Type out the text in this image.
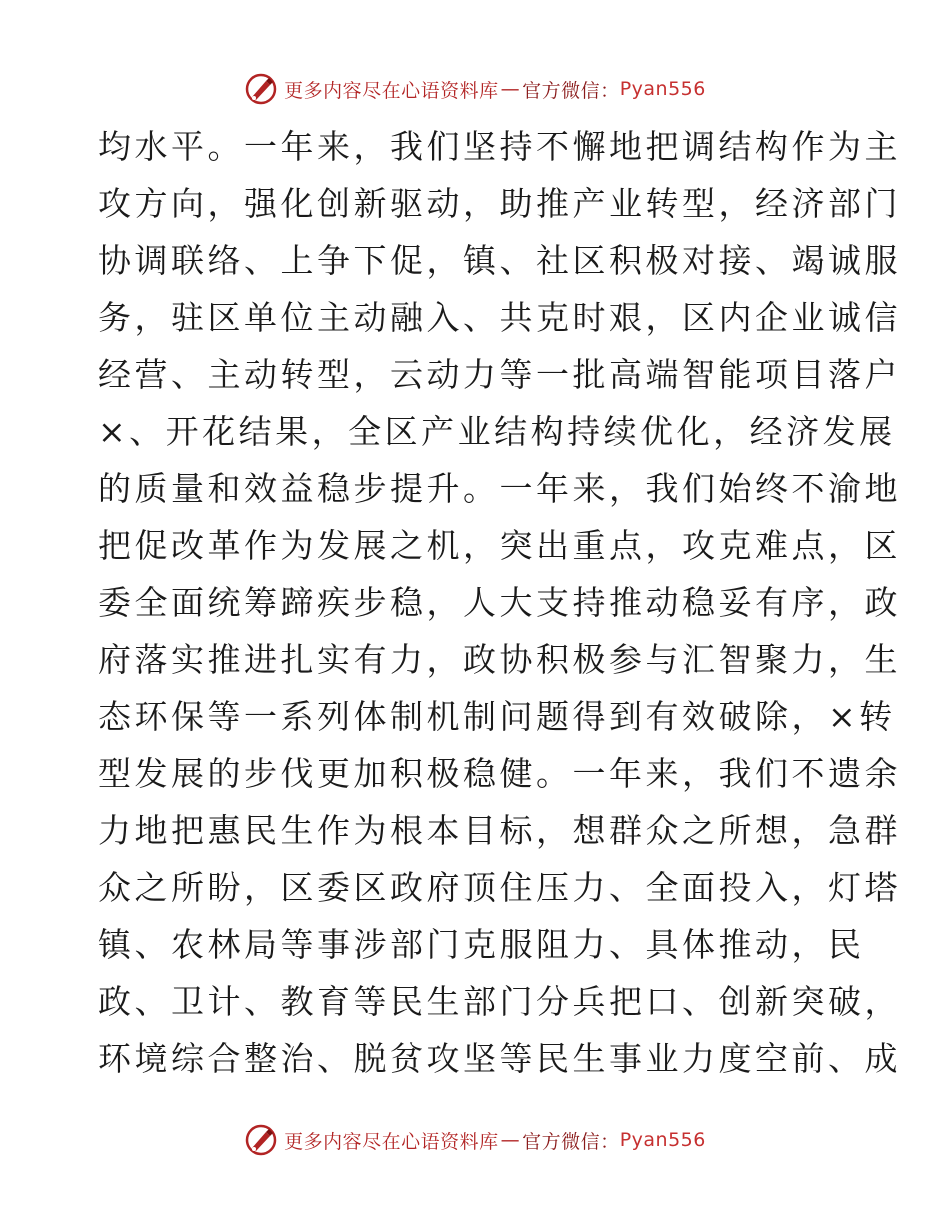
更多内容尽在心语资料库 — 官方微信： Pyan556
均水平。一年来，我们坚持不懈地把调结构作为主
攻方向，强化创新驱动，助推产业转型，经济部门
协调联络、上争下促，镇、社区积极对接、竭诚服
务，驻区单位主动融入、共克时艰，区内企业诚信
经营、主动转型，云动力等一批高端智能项目落户
×、开花结果，全区产业结构持续优化，经济发展
的质量和效益稳步提升。一年来，我们始终不渝地
把促改革作为发展之机，突出重点，攻克难点，区
委全面统筹蹄疾步稳，人大支持推动稳妥有序，政
府落实推进扎实有力，政协积极参与汇智聚力，生
态环保等一系列体制机制问题得到有效破除，×转
型发展的步伐更加积极稳健。一年来，我们不遗余
力地把惠民生作为根本目标，想群众之所想，急群
众之所盼，区委区政府顶住压力、全面投入，灯塔
镇、农林局等事涉部门克服阻力、具体推动，民
政、卫计、教育等民生部门分兵把口、创新突破，
环境综合整治、脱贫攻坚等民生事业力度空前、成
更多内容尽在心语资料库 — 官方微信： Pyan556
